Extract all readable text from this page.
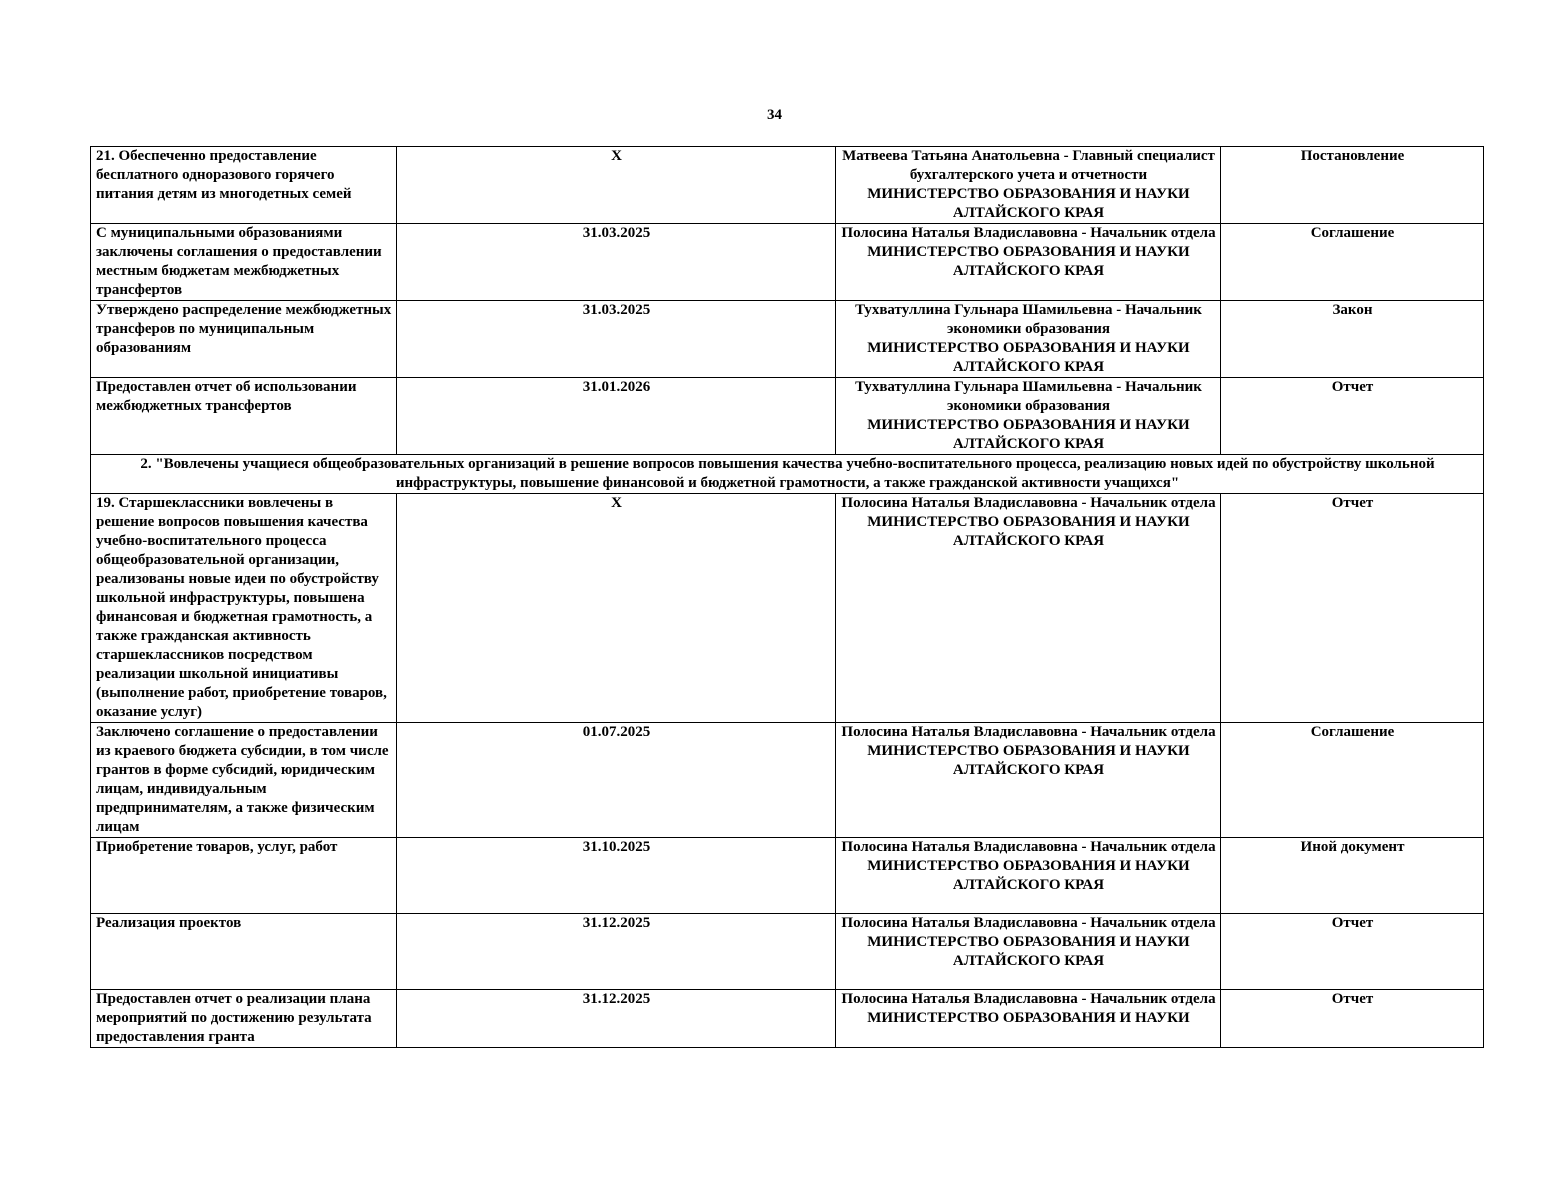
34
21. Обеспеченно предоставление бесплатного одноразового горячего питания детям из многодетных семей	Х	Матвеева Татьяна Анатольевна - Главный специалист бухгалтерского учета и отчетности
МИНИСТЕРСТВО ОБРАЗОВАНИЯ И НАУКИ АЛТАЙСКОГО КРАЯ	Постановление
С муниципальными образованиями заключены соглашения о предоставлении местным бюджетам межбюджетных трансфертов	31.03.2025	Полосина Наталья Владиславовна - Начальник отдела
МИНИСТЕРСТВО ОБРАЗОВАНИЯ И НАУКИ АЛТАЙСКОГО КРАЯ	Соглашение
Утверждено распределение межбюджетных трансферов по муниципальным образованиям	31.03.2025	Тухватуллина Гульнара Шамильевна - Начальник экономики образования
МИНИСТЕРСТВО ОБРАЗОВАНИЯ И НАУКИ АЛТАЙСКОГО КРАЯ	Закон
Предоставлен отчет об использовании межбюджетных трансфертов	31.01.2026	Тухватуллина Гульнара Шамильевна - Начальник экономики образования
МИНИСТЕРСТВО ОБРАЗОВАНИЯ И НАУКИ АЛТАЙСКОГО КРАЯ	Отчет
2. "Вовлечены учащиеся общеобразовательных организаций в решение вопросов повышения качества учебно-воспитательного процесса, реализацию новых идей по обустройству школьной инфраструктуры, повышение финансовой и бюджетной грамотности, а также гражданской активности учащихся"			
19. Старшеклассники вовлечены в решение вопросов повышения качества учебно-воспитательного процесса общеобразовательной организации, реализованы новые идеи по обустройству школьной инфраструктуры, повышена финансовая и бюджетная грамотность, а также гражданская активность старшеклассников посредством реализации школьной инициативы (выполнение работ, приобретение товаров, оказание услуг)	Х	Полосина Наталья Владиславовна - Начальник отдела
МИНИСТЕРСТВО ОБРАЗОВАНИЯ И НАУКИ АЛТАЙСКОГО КРАЯ	Отчет
Заключено соглашение о предоставлении из краевого бюджета субсидии, в том числе грантов в форме субсидий, юридическим лицам, индивидуальным предпринимателям, а также физическим лицам	01.07.2025	Полосина Наталья Владиславовна - Начальник отдела
МИНИСТЕРСТВО ОБРАЗОВАНИЯ И НАУКИ АЛТАЙСКОГО КРАЯ	Соглашение
Приобретение товаров, услуг, работ	31.10.2025	Полосина Наталья Владиславовна - Начальник отдела
МИНИСТЕРСТВО ОБРАЗОВАНИЯ И НАУКИ АЛТАЙСКОГО КРАЯ	Иной документ
Реализация проектов	31.12.2025	Полосина Наталья Владиславовна - Начальник отдела
МИНИСТЕРСТВО ОБРАЗОВАНИЯ И НАУКИ АЛТАЙСКОГО КРАЯ	Отчет
Предоставлен отчет о реализации плана мероприятий по достижению результата предоставления гранта	31.12.2025	Полосина Наталья Владиславовна - Начальник отдела
МИНИСТЕРСТВО ОБРАЗОВАНИЯ И НАУКИ	Отчет
